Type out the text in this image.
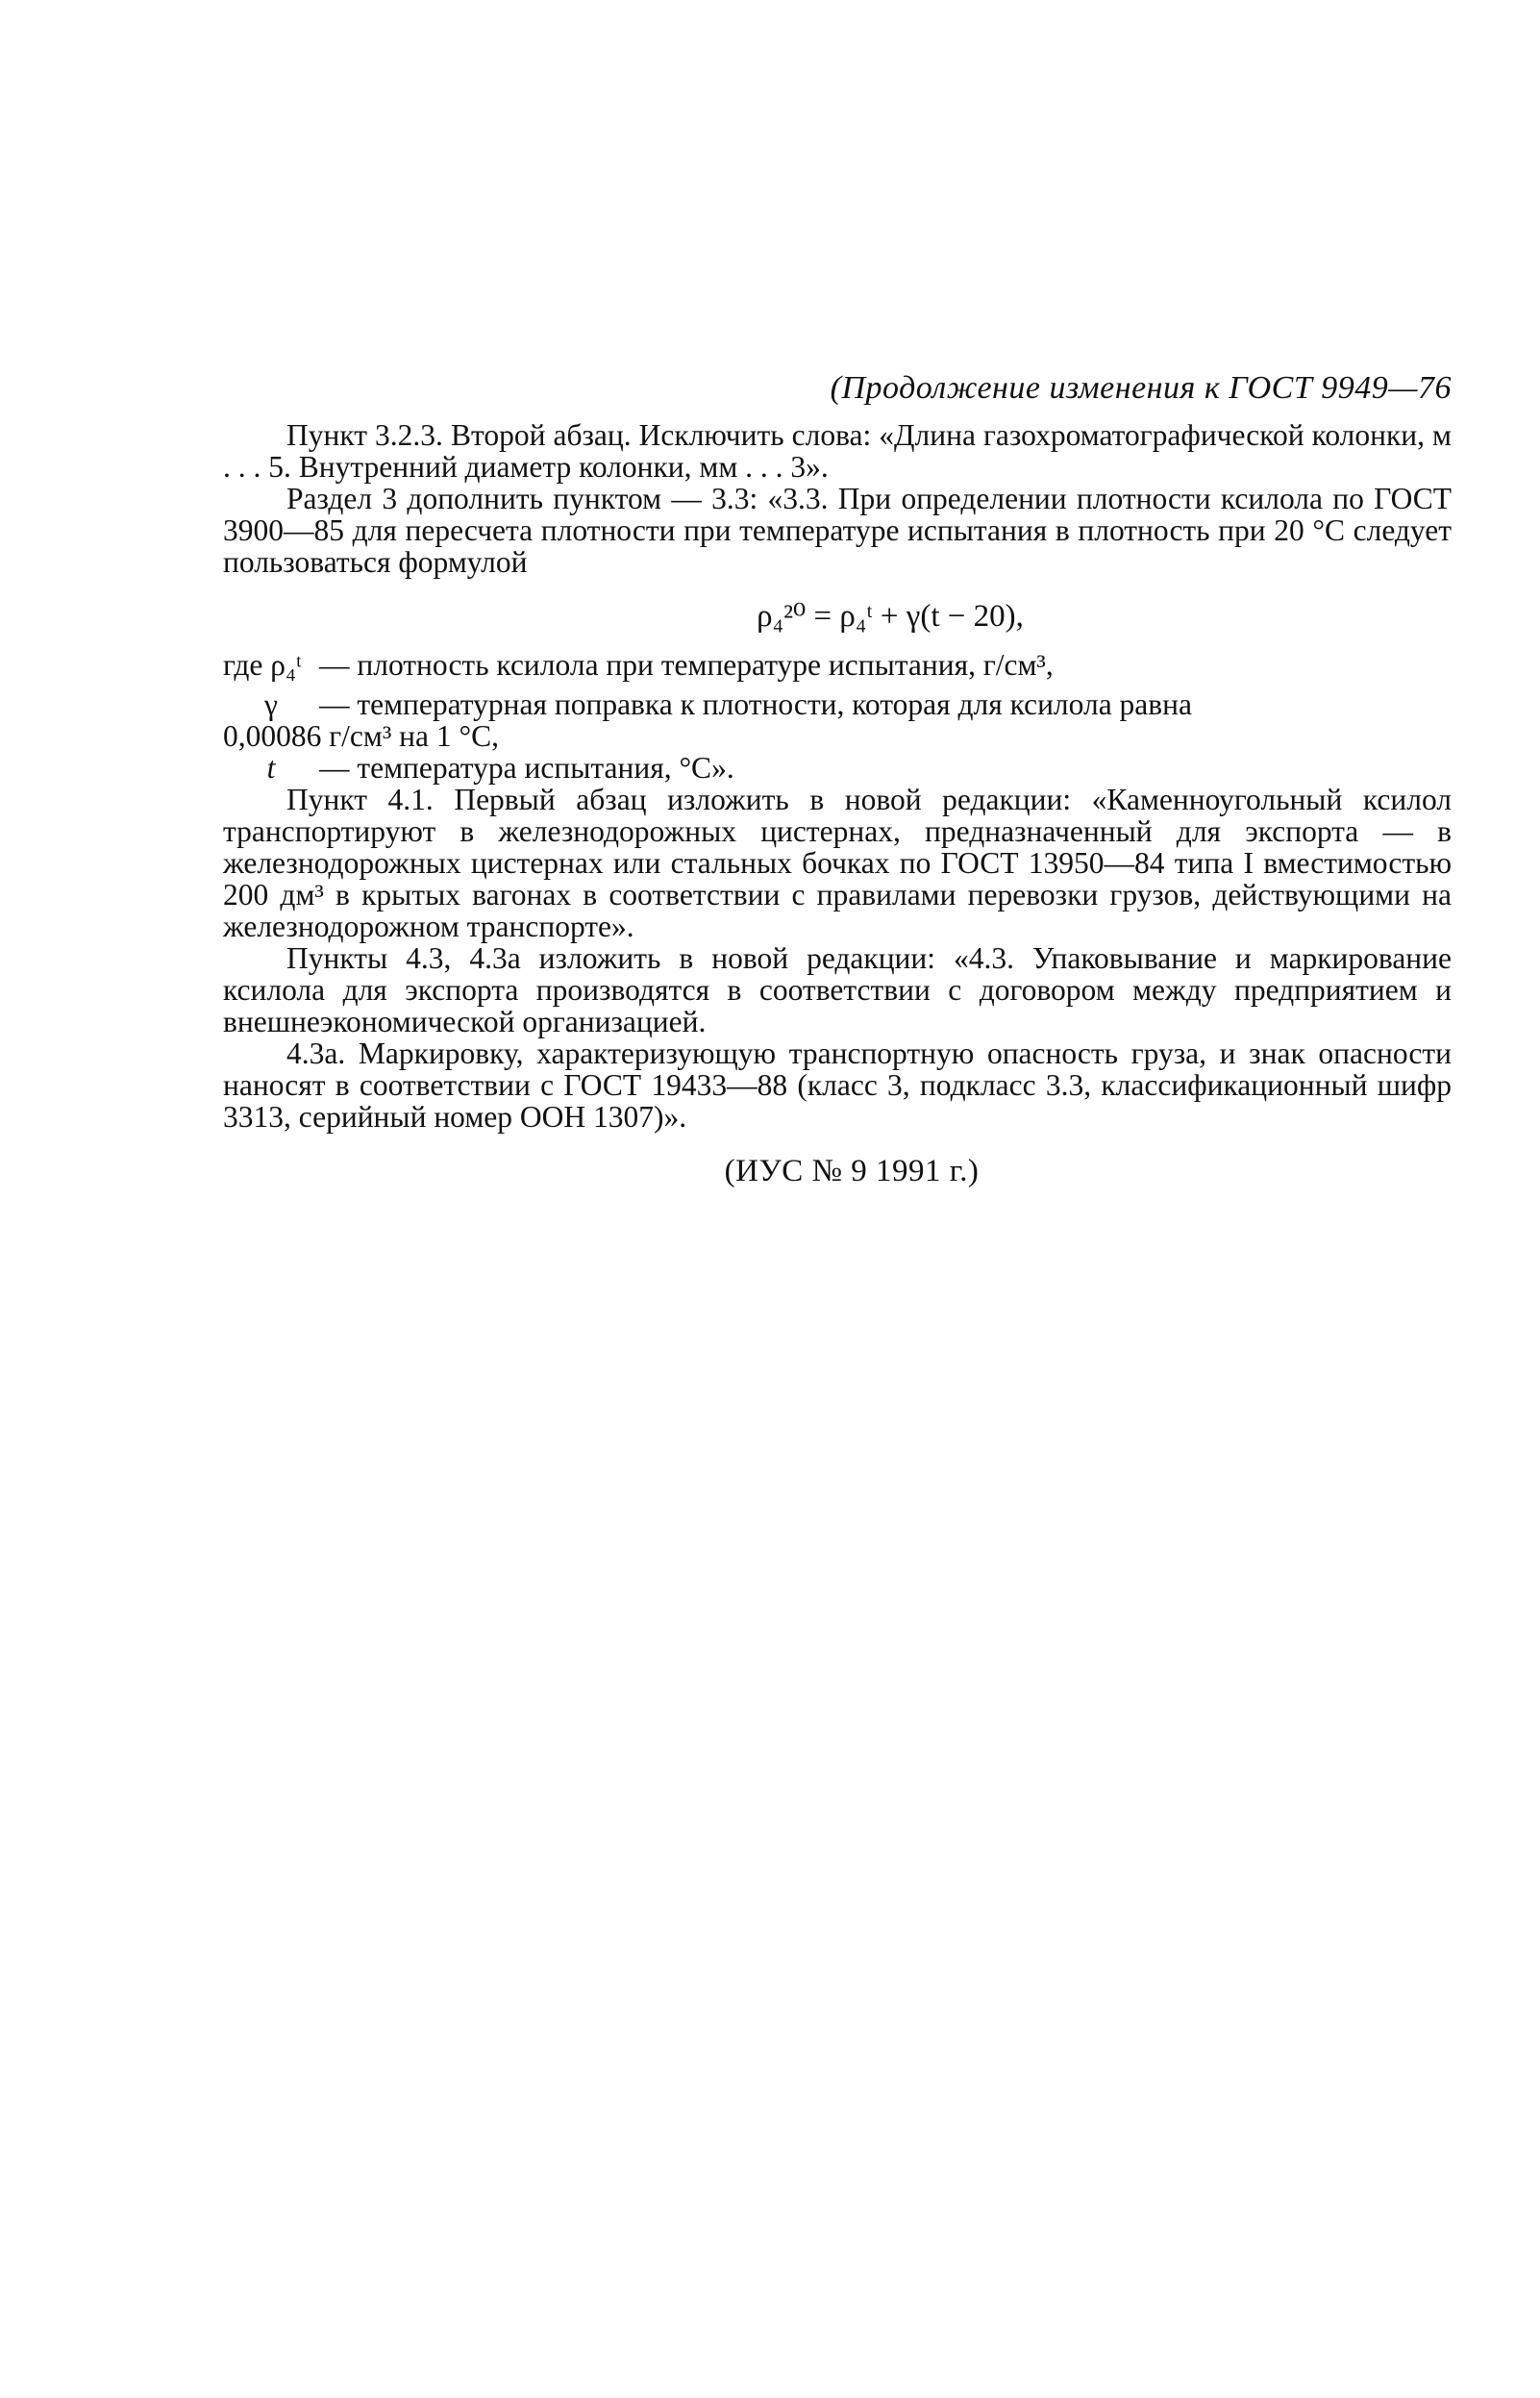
(Продолжение изменения к ГОСТ 9949—76
Пункт 3.2.3. Второй абзац. Исключить слова: «Длина газохроматографической колонки, м . . . 5. Внутренний диаметр колонки, мм . . . 3».
Раздел 3 дополнить пунктом — 3.3: «3.3. При определении плотности ксилола по ГОСТ 3900—85 для пересчета плотности при температуре испытания в плотность при 20 °С следует пользоваться формулой
ρ₄²⁰ = ρ₄ᵗ + γ(t − 20),
где ρ₄ᵗ — плотность ксилола при температуре испытания, г/см³,
γ	— температурная поправка к плотности, которая для ксилола равна
0,00086 г/см³ на 1 °С,
t	— температура испытания, °С».
Пункт 4.1. Первый абзац изложить в новой редакции: «Каменноугольный ксилол транспортируют в железнодорожных цистернах, предназначенный для экспорта — в железнодорожных цистернах или стальных бочках по ГОСТ 13950—84 типа I вместимостью 200 дм³ в крытых вагонах в соответствии с правилами перевозки грузов, действующими на железнодорожном транспорте».
Пункты 4.3, 4.3а изложить в новой редакции: «4.3. Упаковывание и маркирование ксилола для экспорта производятся в соответствии с договором между предприятием и внешнеэкономической организацией.
4.3а. Маркировку, характеризующую транспортную опасность груза, и знак опасности наносят в соответствии с ГОСТ 19433—88 (класс 3, подкласс 3.3, классификационный шифр 3313, серийный номер ООН 1307)».
(ИУС № 9 1991 г.)
